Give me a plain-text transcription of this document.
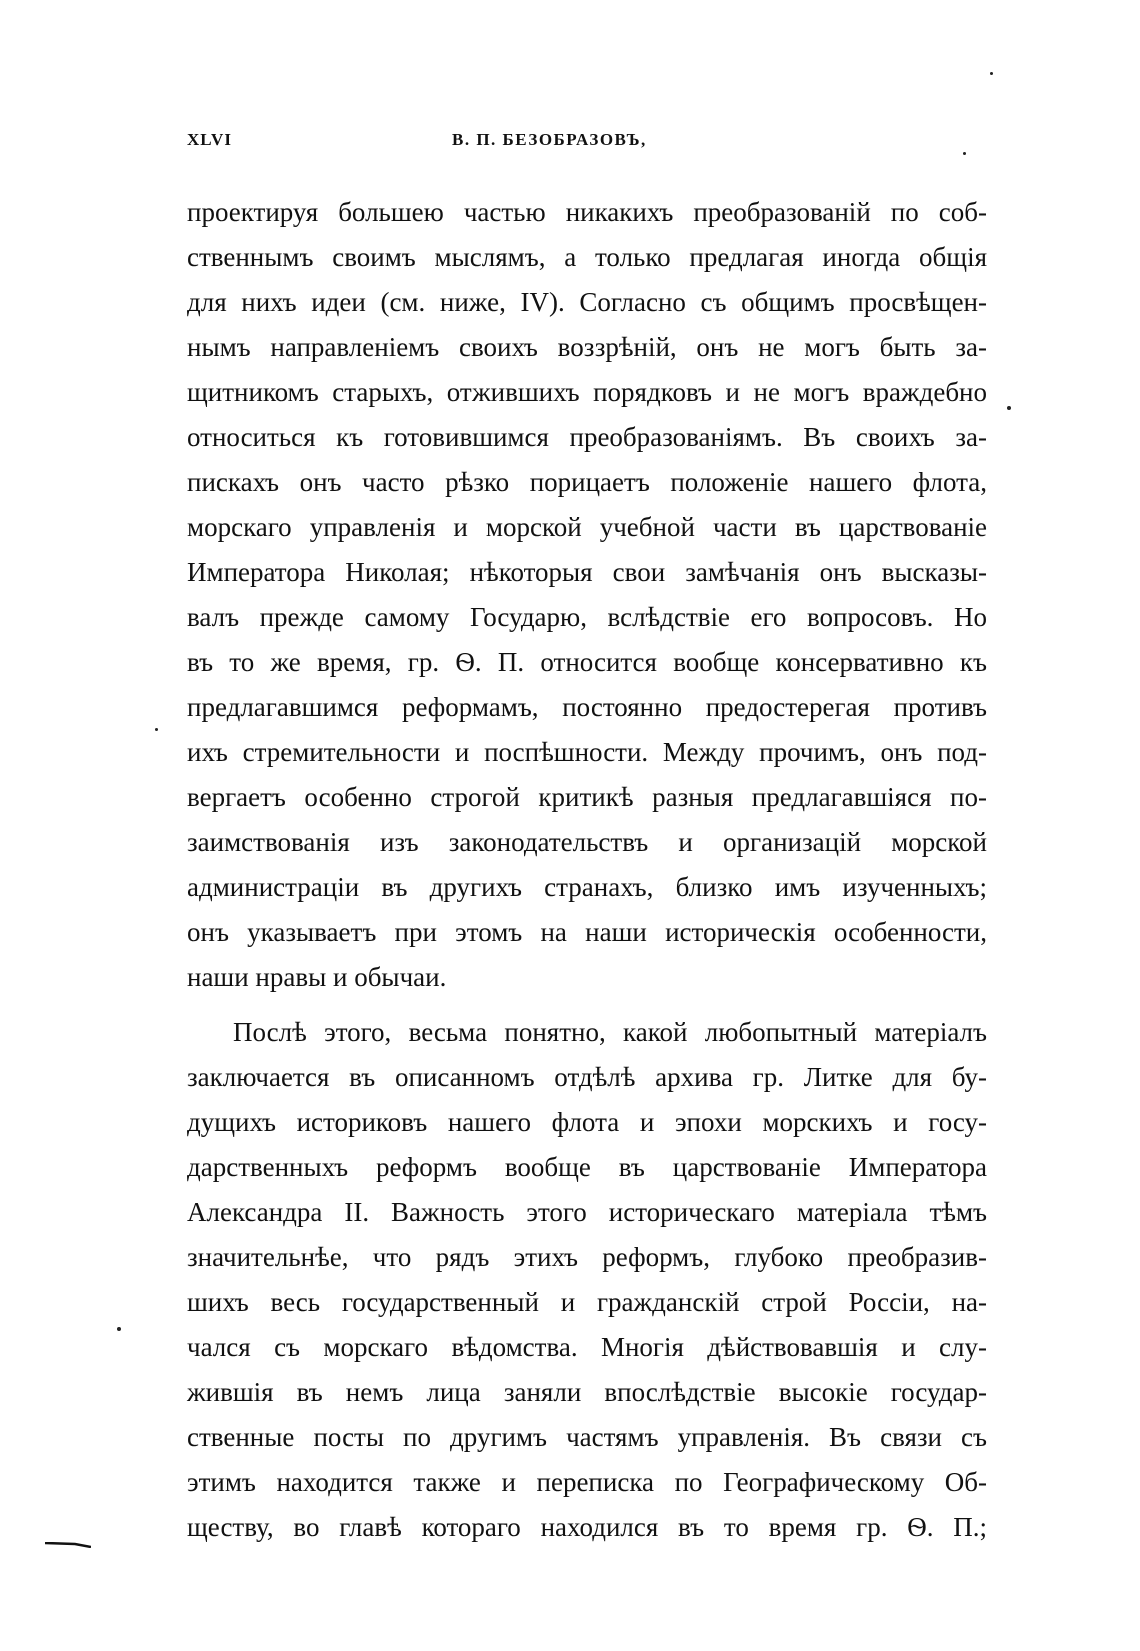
XLVI	В. П. БЕЗОБРАЗОВЪ,
проектируя большею частью никакихъ преобразованій по соб-
ственнымъ своимъ мыслямъ, а только предлагая иногда общія
для нихъ идеи (см. ниже, IV). Согласно съ общимъ просвѣщен-
нымъ направленіемъ своихъ воззрѣній, онъ не могъ быть за-
щитникомъ старыхъ, отжившихъ порядковъ и не могъ враждебно
относиться къ готовившимся преобразованіямъ. Въ своихъ за-
пискахъ онъ часто рѣзко порицаетъ положеніе нашего флота,
морскаго управленія и морской учебной части въ царствованіе
Императора Николая; нѣкоторыя свои замѣчанія онъ высказы-
валъ прежде самому Государю, вслѣдствіе его вопросовъ. Но
въ то же время, гр. Ѳ. П. относится вообще консервативно къ
предлагавшимся реформамъ, постоянно предостерегая противъ
ихъ стремительности и поспѣшности. Между прочимъ, онъ под-
вергаетъ особенно строгой критикѣ разныя предлагавшіяся по-
заимствованія изъ законодательствъ и организацій морской
администраціи въ другихъ странахъ, близко имъ изученныхъ;
онъ указываетъ при этомъ на наши историческія особенности,
наши нравы и обычаи.
Послѣ этого, весьма понятно, какой любопытный матеріалъ
заключается въ описанномъ отдѣлѣ архива гр. Литке для бу-
дущихъ историковъ нашего флота и эпохи морскихъ и госу-
дарственныхъ реформъ вообще въ царствованіе Императора
Александра II. Важность этого историческаго матеріала тѣмъ
значительнѣе, что рядъ этихъ реформъ, глубоко преобразив-
шихъ весь государственный и гражданскій строй Россіи, на-
чался съ морскаго вѣдомства. Многія дѣйствовавшія и слу-
жившія въ немъ лица заняли впослѣдствіе высокіе государ-
ственные посты по другимъ частямъ управленія. Въ связи съ
этимъ находится также и переписка по Географическому Об-
ществу, во главѣ котораго находился въ то время гр. Ѳ. П.;
